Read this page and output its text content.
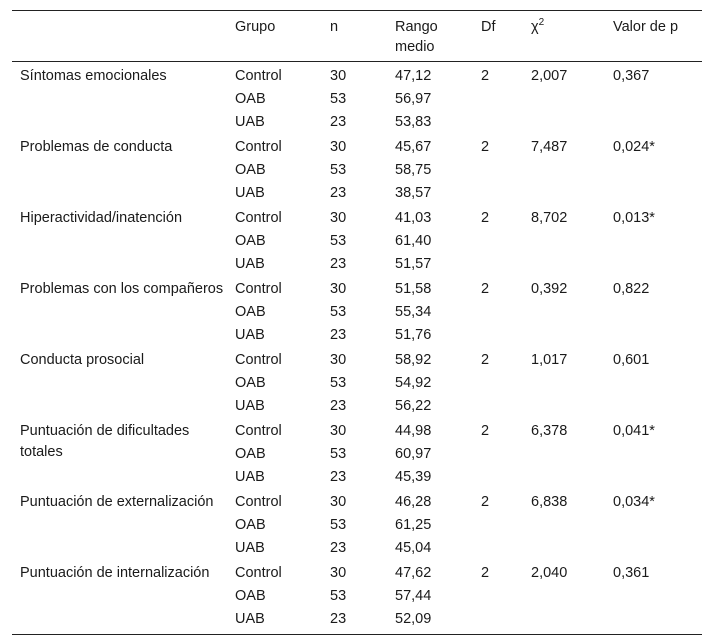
	Grupo	n	Rango medio	Df	$\chi^2$	Valor de p
Síntomas emocionales	Control	30	47,12	2	2,007	0,367
	OAB	53	56,97			
	UAB	23	53,83			
Problemas de conducta	Control	30	45,67	2	7,487	0,024*
	OAB	53	58,75			
	UAB	23	38,57			
Hiperactividad/inatención	Control	30	41,03	2	8,702	0,013*
	OAB	53	61,40			
	UAB	23	51,57			
Problemas con los compañeros	Control	30	51,58	2	0,392	0,822
	OAB	53	55,34			
	UAB	23	51,76			
Conducta prosocial	Control	30	58,92	2	1,017	0,601
	OAB	53	54,92			
	UAB	23	56,22			
Puntuación de dificultades totales	Control	30	44,98	2	6,378	0,041*
	OAB	53	60,97			
	UAB	23	45,39			
Puntuación de externalización	Control	30	46,28	2	6,838	0,034*
	OAB	53	61,25			
	UAB	23	45,04			
Puntuación de internalización	Control	30	47,62	2	2,040	0,361
	OAB	53	57,44			
	UAB	23	52,09			
